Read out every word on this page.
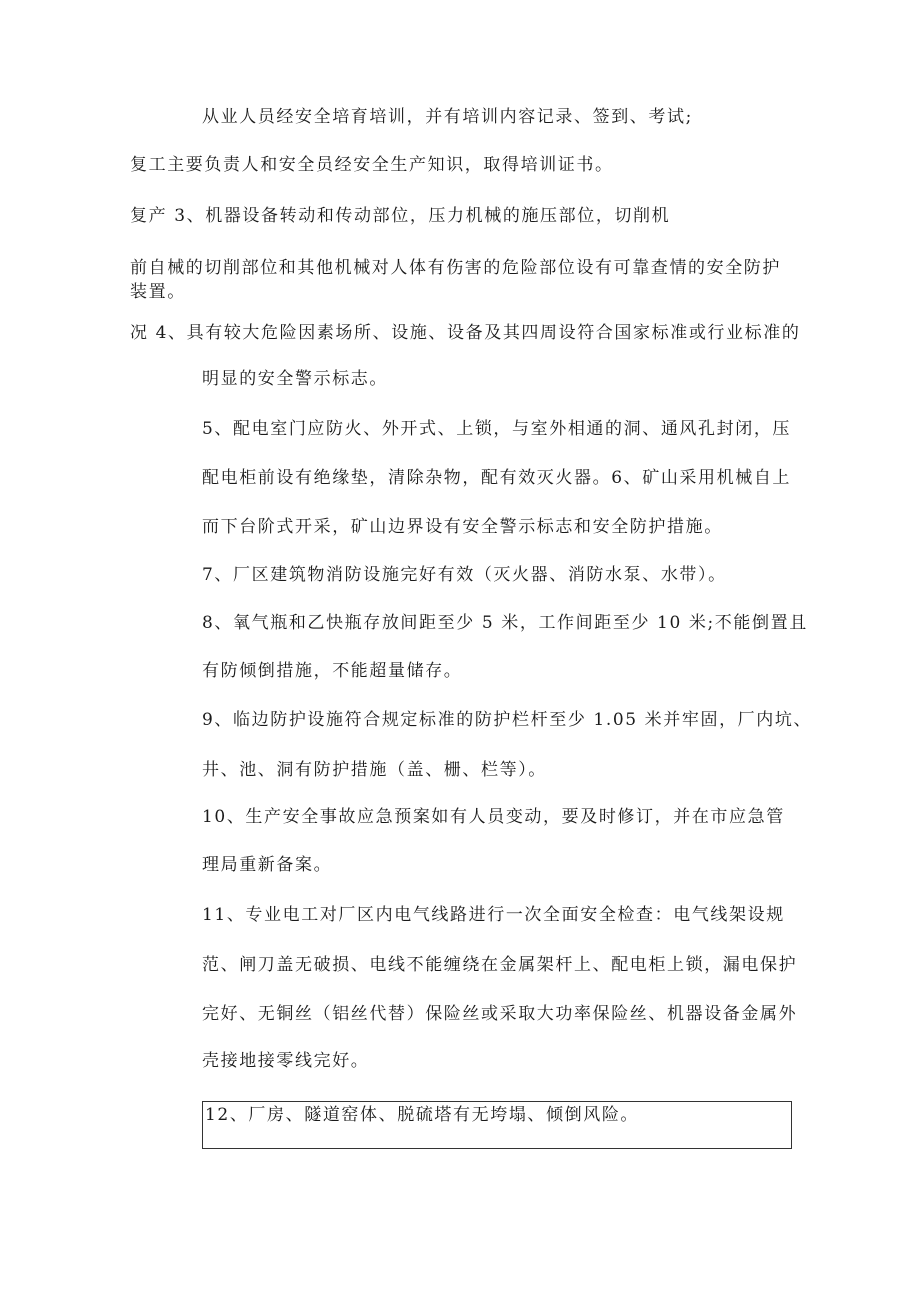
从业人员经安全培育培训，并有培训内容记录、签到、考试;
复工主要负责人和安全员经安全生产知识，取得培训证书。
复产 3、机器设备转动和传动部位，压力机械的施压部位，切削机
前自械的切削部位和其他机械对人体有伤害的危险部位设有可靠查情的安全防护
装置。
况 4、具有较大危险因素场所、设施、设备及其四周设符合国家标准或行业标准的
明显的安全警示标志。
5、配电室门应防火、外开式、上锁，与室外相通的洞、通风孔封闭，压
配电柜前设有绝缘垫，清除杂物，配有效灭火器。6、矿山采用机械自上
而下台阶式开采，矿山边界设有安全警示标志和安全防护措施。
7、厂区建筑物消防设施完好有效（灭火器、消防水泵、水带）。
8、氧气瓶和乙快瓶存放间距至少 5 米，工作间距至少 10 米;不能倒置且
有防倾倒措施，不能超量储存。
9、临边防护设施符合规定标准的防护栏杆至少 1.05 米并牢固，厂内坑、
井、池、洞有防护措施（盖、栅、栏等）。
10、生产安全事故应急预案如有人员变动，要及时修订，并在市应急管
理局重新备案。
11、专业电工对厂区内电气线路进行一次全面安全检查：电气线架设规
范、闸刀盖无破损、电线不能缠绕在金属架杆上、配电柜上锁，漏电保护
完好、无铜丝（铝丝代替）保险丝或采取大功率保险丝、机器设备金属外
壳接地接零线完好。
12、厂房、隧道窑体、脱硫塔有无垮塌、倾倒风险。
